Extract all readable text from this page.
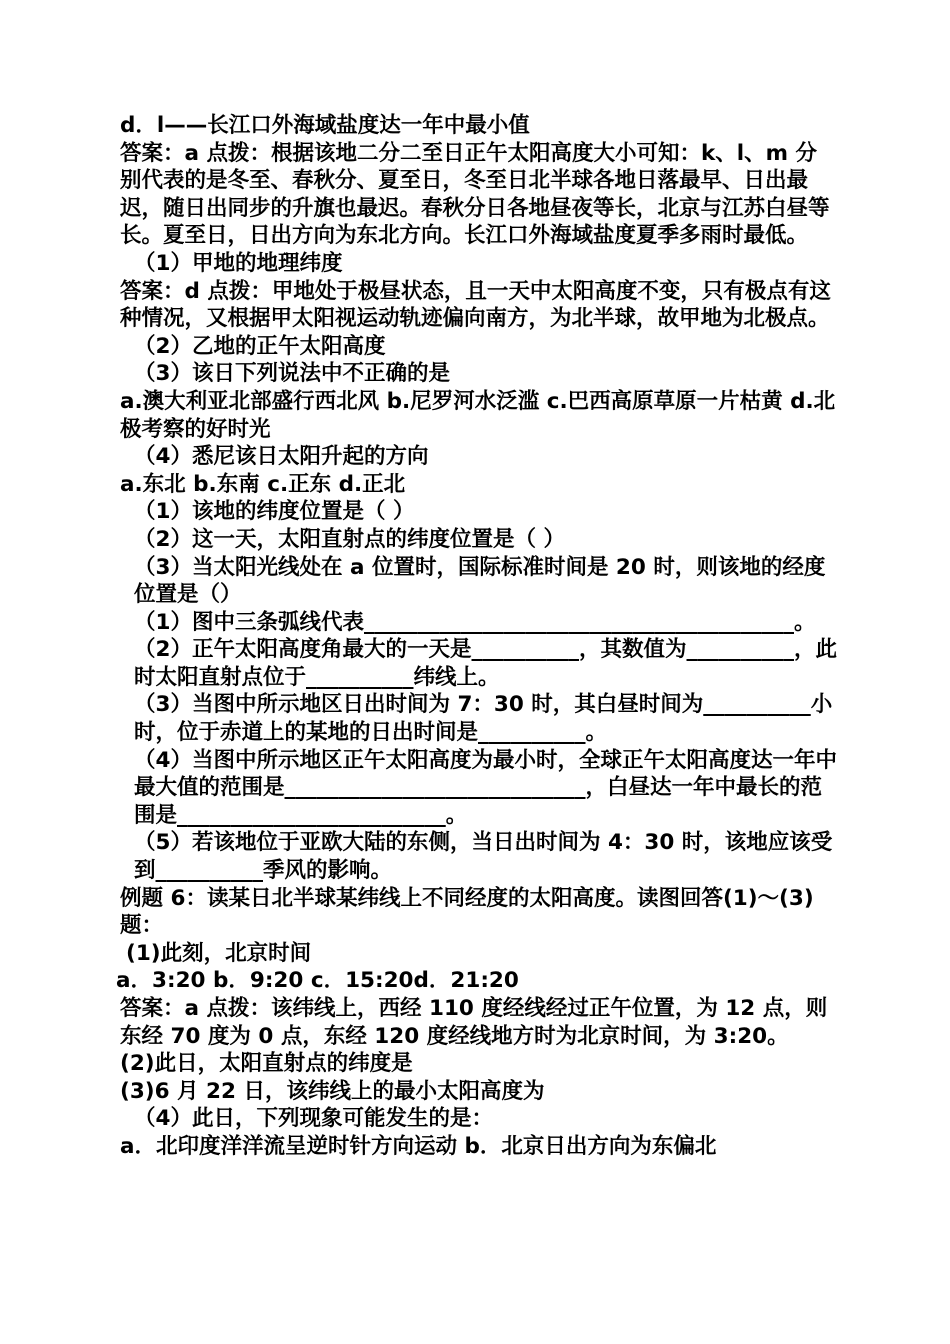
d．l——长江口外海域盐度达一年中最小值

答案：a 点拨：根据该地二分二至日正午太阳高度大小可知：k、l、m 分别代表的是冬至、春秋分、夏至日，冬至日北半球各地日落最早、日出最迟，随日出同步的升旗也最迟。春秋分日各地昼夜等长，北京与江苏白昼等长。夏至日，日出方向为东北方向。长江口外海域盐度夏季多雨时最低。

（1）甲地的地理纬度

答案：d 点拨：甲地处于极昼状态，且一天中太阳高度不变，只有极点有这种情况，又根据甲太阳视运动轨迹偏向南方，为北半球，故甲地为北极点。

（2）乙地的正午太阳高度

（3）该日下列说法中不正确的是

a.澳大利亚北部盛行西北风 b.尼罗河水泛滥 c.巴西高原草原一片枯黄 d.北极考察的好时光

（4）悉尼该日太阳升起的方向

a.东北 b.东南 c.正东 d.正北

（1）该地的纬度位置是（ ）

（2）这一天，太阳直射点的纬度位置是（ ）

（3）当太阳光线处在 a 位置时，国际标准时间是 20 时，则该地的经度位置是（）

（1）图中三条弧线代表________________________________________。

（2）正午太阳高度角最大的一天是__________，其数值为__________，此时太阳直射点位于__________纬线上。

（3）当图中所示地区日出时间为 7：30 时，其白昼时间为__________小时，位于赤道上的某地的日出时间是__________。

（4）当图中所示地区正午太阳高度为最小时，全球正午太阳高度达一年中最大值的范围是____________________________，白昼达一年中最长的范围是_________________________。

（5）若该地位于亚欧大陆的东侧，当日出时间为 4：30 时，该地应该受到__________季风的影响。

例题 6：读某日北半球某纬线上不同经度的太阳高度。读图回答(1)～(3)题：

(1)此刻，北京时间

a．3:20 b．9:20 c．15:20d．21:20

答案：a 点拨：该纬线上，西经 110 度经线经过正午位置，为 12 点，则东经 70 度为 0 点，东经 120 度经线地方时为北京时间，为 3:20。

(2)此日，太阳直射点的纬度是

(3)6 月 22 日，该纬线上的最小太阳高度为

（4）此日，下列现象可能发生的是：

a．北印度洋洋流呈逆时针方向运动 b．北京日出方向为东偏北
